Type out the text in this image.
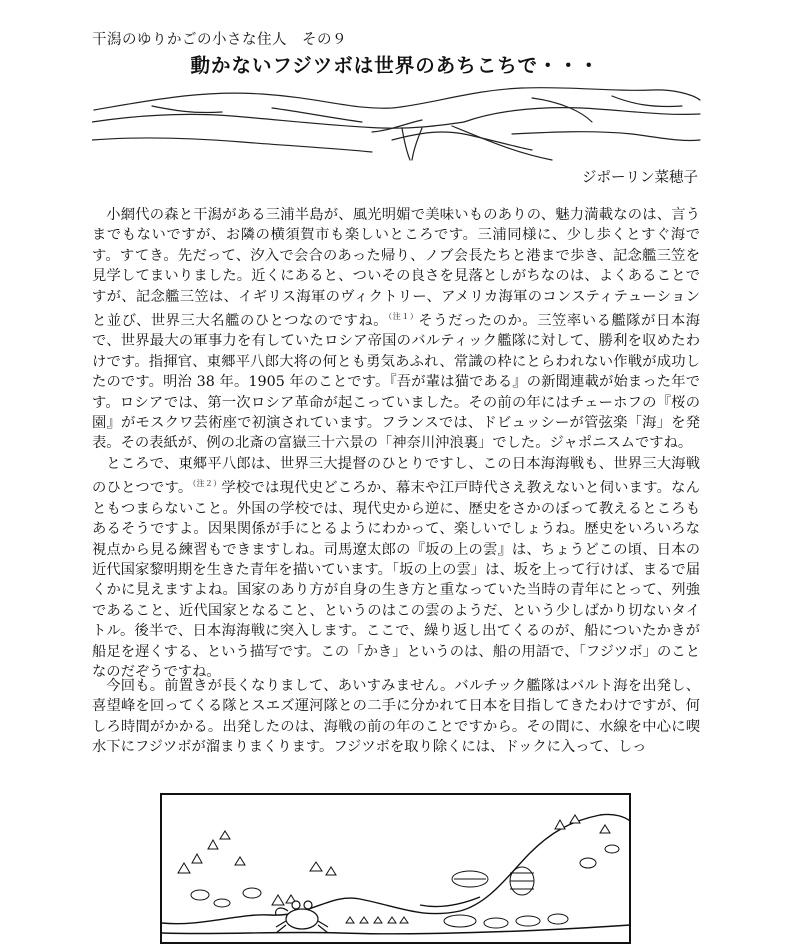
干潟のゆりかごの小さな住人　その９
動かないフジツボは世界のあちこちで・・・
ジポーリン菜穂子

小網代の森と干潟がある三浦半島が、風光明媚で美味いものありの、魅力満載なのは、言うまでもないですが、お隣の横須賀市も楽しいところです。三浦同様に、少し歩くとすぐ海です。すてき。先だって、汐入で会合のあった帰り、ノブ会長たちと港まで歩き、記念艦三笠を見学してまいりました。近くにあると、ついその良さを見落としがちなのは、よくあることですが、記念艦三笠は、イギリス海軍のヴィクトリー、アメリカ海軍のコンスティテューションと並び、世界三大名艦のひとつなのですね。$^{(注1)}$そうだったのか。三笠率いる艦隊が日本海で、世界最大の軍事力を有していたロシア帝国のバルティック艦隊に対して、勝利を収めたわけです。指揮官、東郷平八郎大将の何とも勇気あふれ、常識の枠にとらわれない作戦が成功したのです。明治 38 年。1905 年のことです。『吾が輩は猫である』の新聞連載が始まった年です。ロシアでは、第一次ロシア革命が起こっていました。その前の年にはチェーホフの『桜の園』がモスクワ芸術座で初演されています。フランスでは、ドビュッシーが管弦楽「海」を発表。その表紙が、例の北斎の富嶽三十六景の「神奈川沖浪裏」でした。ジャポニスムですね。

ところで、東郷平八郎は、世界三大提督のひとりですし、この日本海海戦も、世界三大海戦のひとつです。$^{(注2)}$学校では現代史どころか、幕末や江戸時代さえ教えないと伺います。なんともつまらないこと。外国の学校では、現代史から逆に、歴史をさかのぼって教えるところもあるそうですよ。因果関係が手にとるようにわかって、楽しいでしょうね。歴史をいろいろな視点から見る練習もできますしね。司馬遼太郎の『坂の上の雲』は、ちょうどこの頃、日本の近代国家黎明期を生きた青年を描いています。「坂の上の雲」は、坂を上って行けば、まるで届くかに見えますよね。国家のあり方が自身の生き方と重なっていた当時の青年にとって、列強であること、近代国家となること、というのはこの雲のようだ、という少しばかり切ないタイトル。後半で、日本海海戦に突入します。ここで、繰り返し出てくるのが、船についたかきが船足を遅くする、という描写です。この「かき」というのは、船の用語で、「フジツボ」のことなのだぞうですね。

今回も。前置きが長くなりまして、あいすみません。バルチック艦隊はバルト海を出発し、喜望峰を回ってくる隊とスエズ運河隊との二手に分かれて日本を目指してきたわけですが、何しろ時間がかかる。出発したのは、海戦の前の年のことですから。その間に、水線を中心に喫水下にフジツボが溜まりまくります。フジツボを取り除くには、ドックに入って、しっ
